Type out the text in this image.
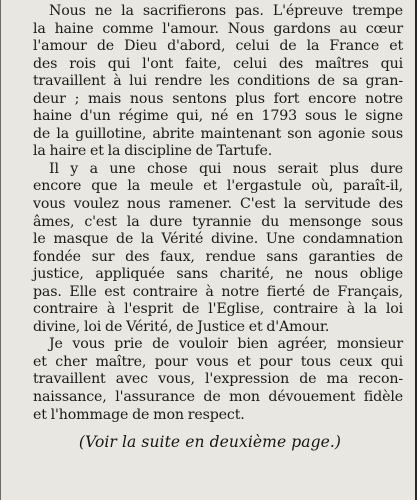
Nous ne la sacrifierons pas. L'épreuve trempe
la haine comme l'amour. Nous gardons au cœur
l'amour de Dieu d'abord, celui de la France et
des rois qui l'ont faite, celui des maîtres qui
travaillent à lui rendre les conditions de sa gran-
deur ; mais nous sentons plus fort encore notre
haine d'un régime qui, né en 1793 sous le signe
de la guillotine, abrite maintenant son agonie sous
la haire et la discipline de Tartufe.

Il y a une chose qui nous serait plus dure
encore que la meule et l'ergastule où, paraît-il,
vous voulez nous ramener. C'est la servitude des
âmes, c'est la dure tyrannie du mensonge sous
le masque de la Vérité divine. Une condamnation
fondée sur des faux, rendue sans garanties de
justice, appliquée sans charité, ne nous oblige
pas. Elle est contraire à notre fierté de Français,
contraire à l'esprit de l'Eglise, contraire à la loi
divine, loi de Vérité, de Justice et d'Amour.

Je vous prie de vouloir bien agréer, monsieur
et cher maître, pour vous et pour tous ceux qui
travaillent avec vous, l'expression de ma recon-
naissance, l'assurance de mon dévouement fidèle
et l'hommage de mon respect.

(Voir la suite en deuxième page.)
